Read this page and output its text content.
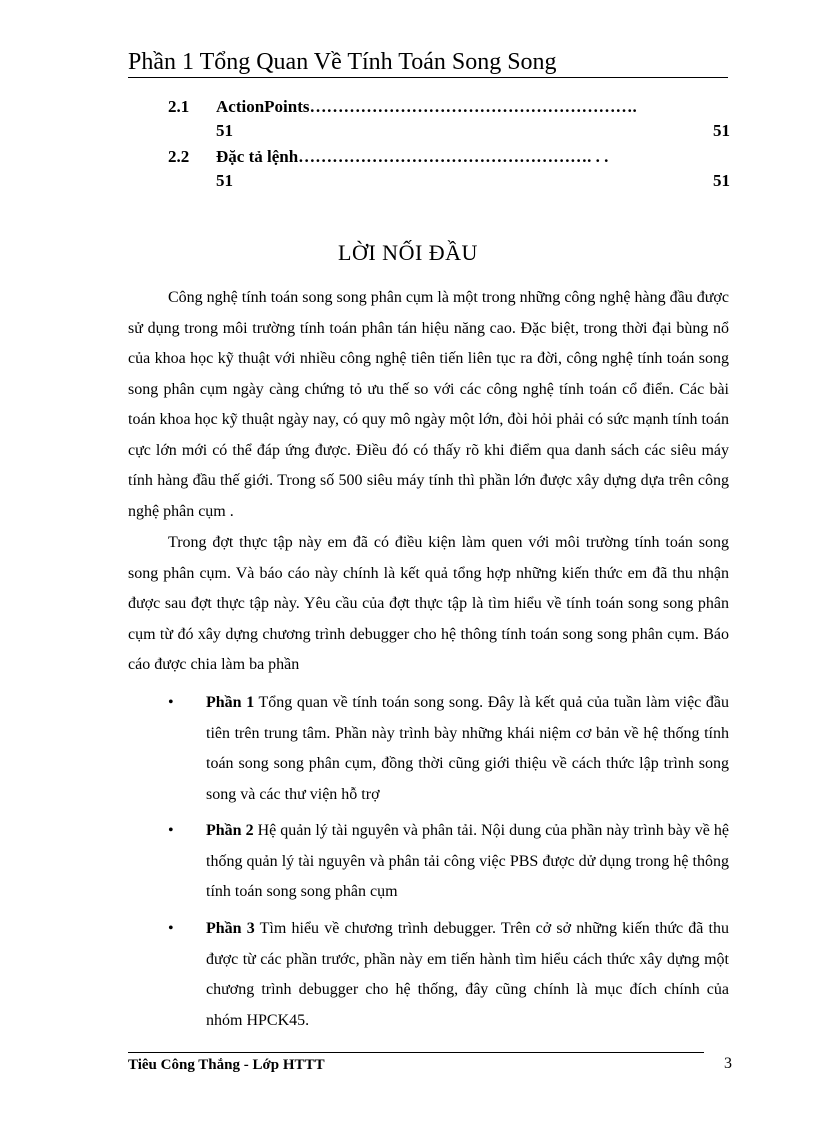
Phần 1 Tổng Quan Về Tính Toán Song Song
2.1 ActionPoints………………………………………………….
51	51
2.2 Đặc tả lệnh……………………………………………. . .
51	51
LỜI NỐI ĐẦU
Công nghệ tính toán song song phân cụm là một trong những công nghệ hàng đầu được sử dụng trong môi trường tính toán phân tán hiệu năng cao. Đặc biệt, trong thời đại bùng nổ của khoa học kỹ thuật với nhiều công nghệ tiên tiến liên tục ra đời, công nghệ tính toán song song phân cụm ngày càng chứng tỏ ưu thế so với các công nghệ tính toán cổ điển. Các bài toán khoa học kỹ thuật ngày nay, có quy mô ngày một lớn, đòi hỏi phải có sức mạnh tính toán cực lớn mới có thể đáp ứng được. Điều đó có thấy rõ khi điểm qua danh sách các siêu máy tính hàng đầu thế giới. Trong số 500 siêu máy tính thì phần lớn được xây dựng dựa trên công nghệ phân cụm .
Trong đợt thực tập này em đã có điều kiện làm quen với môi trường tính toán song song phân cụm. Và báo cáo này chính là kết quả tổng hợp những kiến thức em đã thu nhận được sau đợt thực tập này. Yêu cầu của đợt thực tập là tìm hiểu về tính toán song song phân cụm từ đó xây dựng chương trình debugger cho hệ thông tính toán song song phân cụm. Báo cáo được chia làm ba phần
• Phần 1 Tổng quan về tính toán song song. Đây là kết quả của tuần làm việc đầu tiên trên trung tâm. Phần này trình bày những khái niệm cơ bản về hệ thống tính toán song song phân cụm, đồng thời cũng giới thiệu về cách thức lập trình song song và các thư viện hỗ trợ
• Phần 2 Hệ quản lý tài nguyên và phân tải. Nội dung của phần này trình bày về hệ thống quản lý tài nguyên và phân tải công việc PBS được dử dụng trong hệ thông tính toán song song phân cụm
• Phần 3 Tìm hiểu về chương trình debugger. Trên cở sở những kiến thức đã thu được từ các phần trước, phần này em tiến hành tìm hiểu cách thức xây dựng một chương trình debugger cho hệ thống, đây cũng chính là mục đích chính của nhóm HPCK45.
Tiêu Công Thắng - Lớp HTTT	3
